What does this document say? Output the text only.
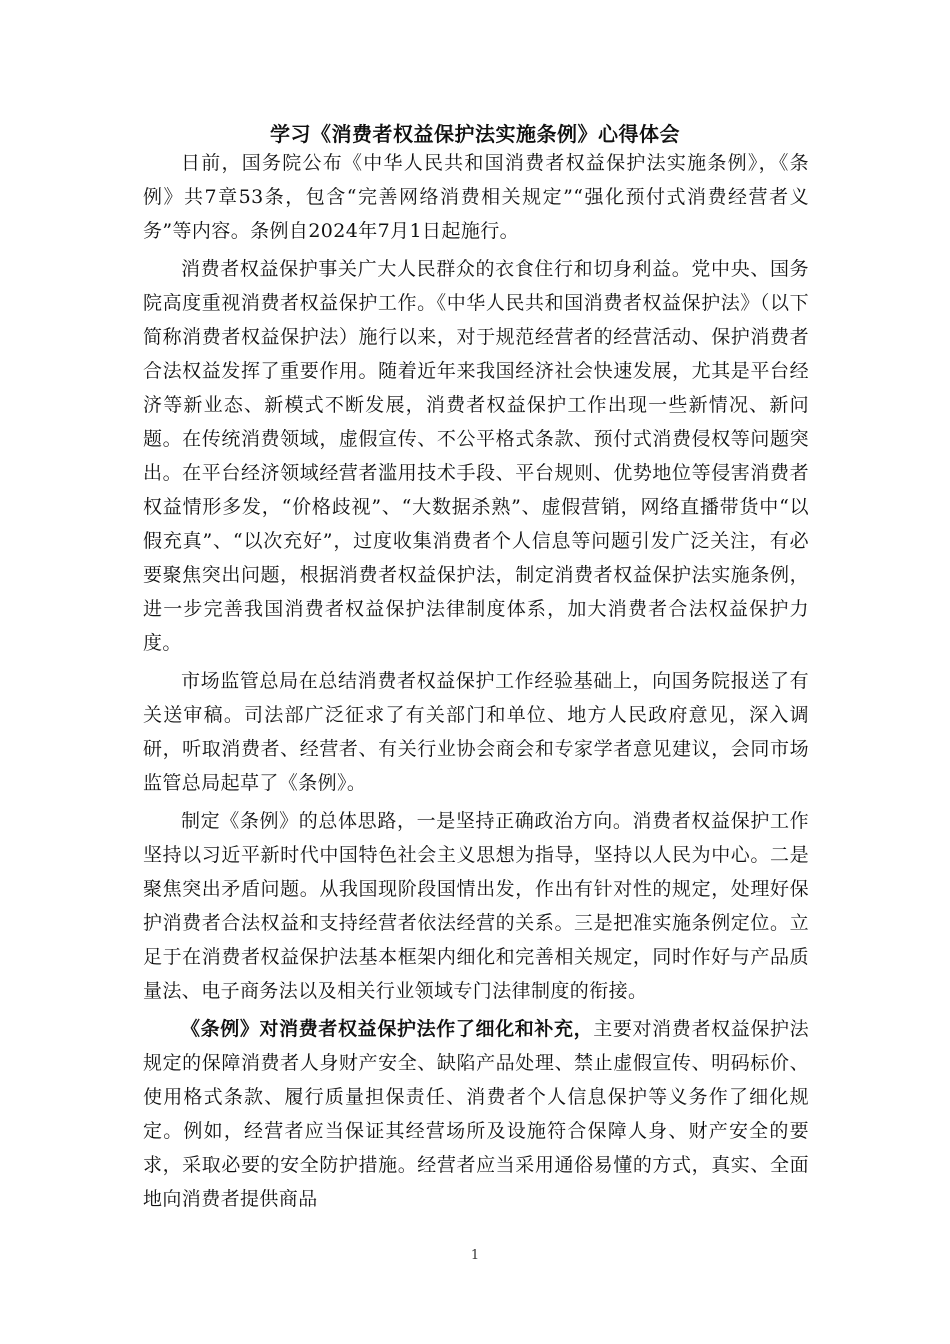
学习《消费者权益保护法实施条例》心得体会

日前，国务院公布《中华人民共和国消费者权益保护法实施条例》，《条例》共7章53条，包含“完善网络消费相关规定”“强化预付式消费经营者义务”等内容。条例自2024年7月1日起施行。

消费者权益保护事关广大人民群众的衣食住行和切身利益。党中央、国务院高度重视消费者权益保护工作。《中华人民共和国消费者权益保护法》（以下简称消费者权益保护法）施行以来，对于规范经营者的经营活动、保护消费者合法权益发挥了重要作用。随着近年来我国经济社会快速发展，尤其是平台经济等新业态、新模式不断发展，消费者权益保护工作出现一些新情况、新问题。在传统消费领域，虚假宣传、不公平格式条款、预付式消费侵权等问题突出。在平台经济领域经营者滥用技术手段、平台规则、优势地位等侵害消费者权益情形多发，“价格歧视”、“大数据杀熟”、虚假营销，网络直播带货中“以假充真”、“以次充好”，过度收集消费者个人信息等问题引发广泛关注，有必要聚焦突出问题，根据消费者权益保护法，制定消费者权益保护法实施条例，进一步完善我国消费者权益保护法律制度体系，加大消费者合法权益保护力度。

市场监管总局在总结消费者权益保护工作经验基础上，向国务院报送了有关送审稿。司法部广泛征求了有关部门和单位、地方人民政府意见，深入调研，听取消费者、经营者、有关行业协会商会和专家学者意见建议，会同市场监管总局起草了《条例》。

制定《条例》的总体思路，一是坚持正确政治方向。消费者权益保护工作坚持以习近平新时代中国特色社会主义思想为指导，坚持以人民为中心。二是聚焦突出矛盾问题。从我国现阶段国情出发，作出有针对性的规定，处理好保护消费者合法权益和支持经营者依法经营的关系。三是把准实施条例定位。立足于在消费者权益保护法基本框架内细化和完善相关规定，同时作好与产品质量法、电子商务法以及相关行业领域专门法律制度的衔接。

《条例》对消费者权益保护法作了细化和补充，主要对消费者权益保护法规定的保障消费者人身财产安全、缺陷产品处理、禁止虚假宣传、明码标价、使用格式条款、履行质量担保责任、消费者个人信息保护等义务作了细化规定。例如，经营者应当保证其经营场所及设施符合保障人身、财产安全的要求，采取必要的安全防护措施。经营者应当采用通俗易懂的方式，真实、全面地向消费者提供商品

1
